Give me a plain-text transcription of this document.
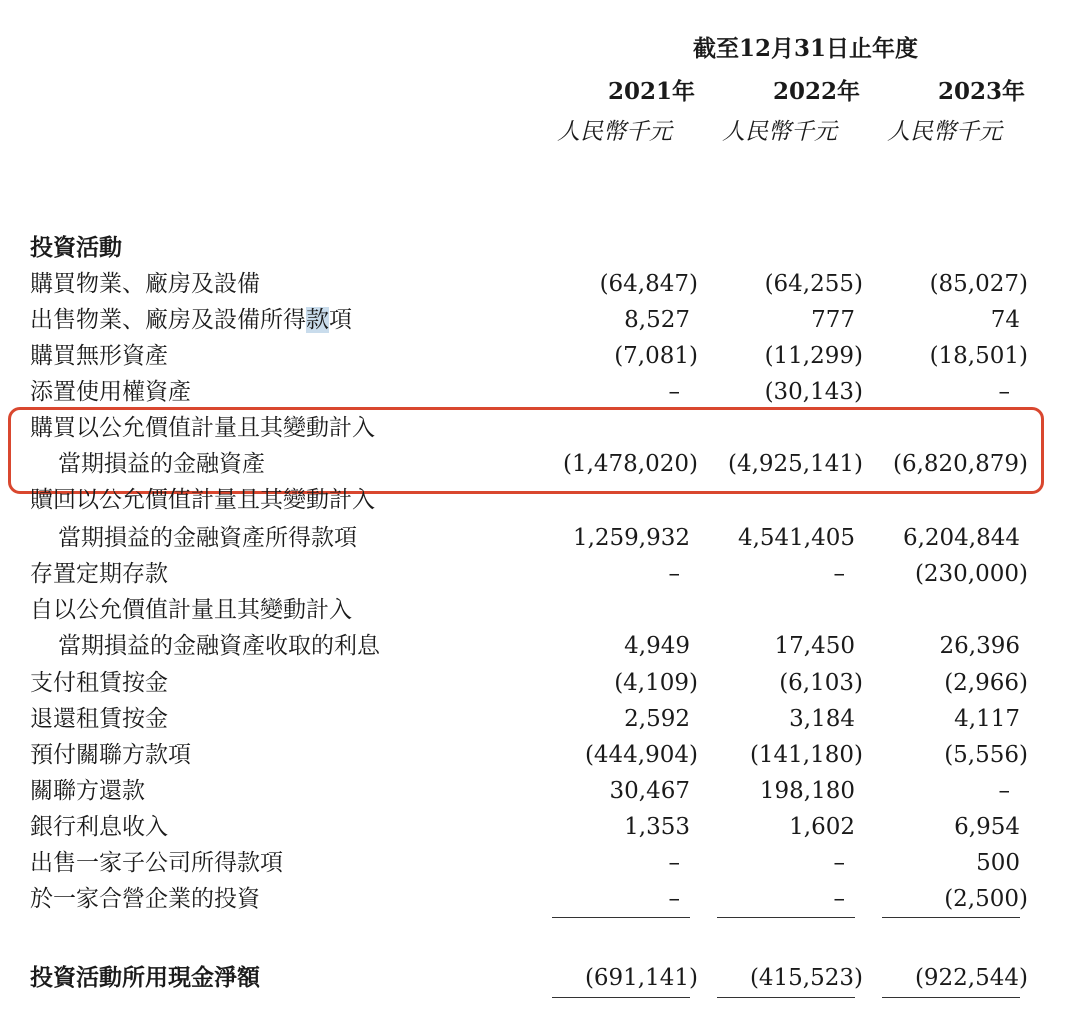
截至12月31日止年度
2021年	2022年	2023年
人民幣千元 人民幣千元 人民幣千元
投資活動
購買物業、廠房及設備	(64,847)	(64,255)	(85,027)
出售物業、廠房及設備所得款項	8,527	777	74
購買無形資產	(7,081)	(11,299)	(18,501)
添置使用權資產	–	(30,143)	–
購買以公允價值計量且其變動計入
當期損益的金融資產	(1,478,020) (4,925,141) (6,820,879)
贖回以公允價值計量且其變動計入
當期損益的金融資產所得款項	1,259,932 4,541,405 6,204,844
存置定期存款	–	–	(230,000)
自以公允價值計量且其變動計入
當期損益的金融資產收取的利息	4,949	17,450	26,396
支付租賃按金	(4,109)	(6,103)	(2,966)
退還租賃按金	2,592	3,184	4,117
預付關聯方款項	(444,904) (141,180)	(5,556)
關聯方還款	30,467	198,180	–
銀行利息收入	1,353	1,602	6,954
出售一家子公司所得款項	–	–	500
於一家合營企業的投資	–	–	(2,500)
投資活動所用現金淨額	(691,141) (415,523) (922,544)
